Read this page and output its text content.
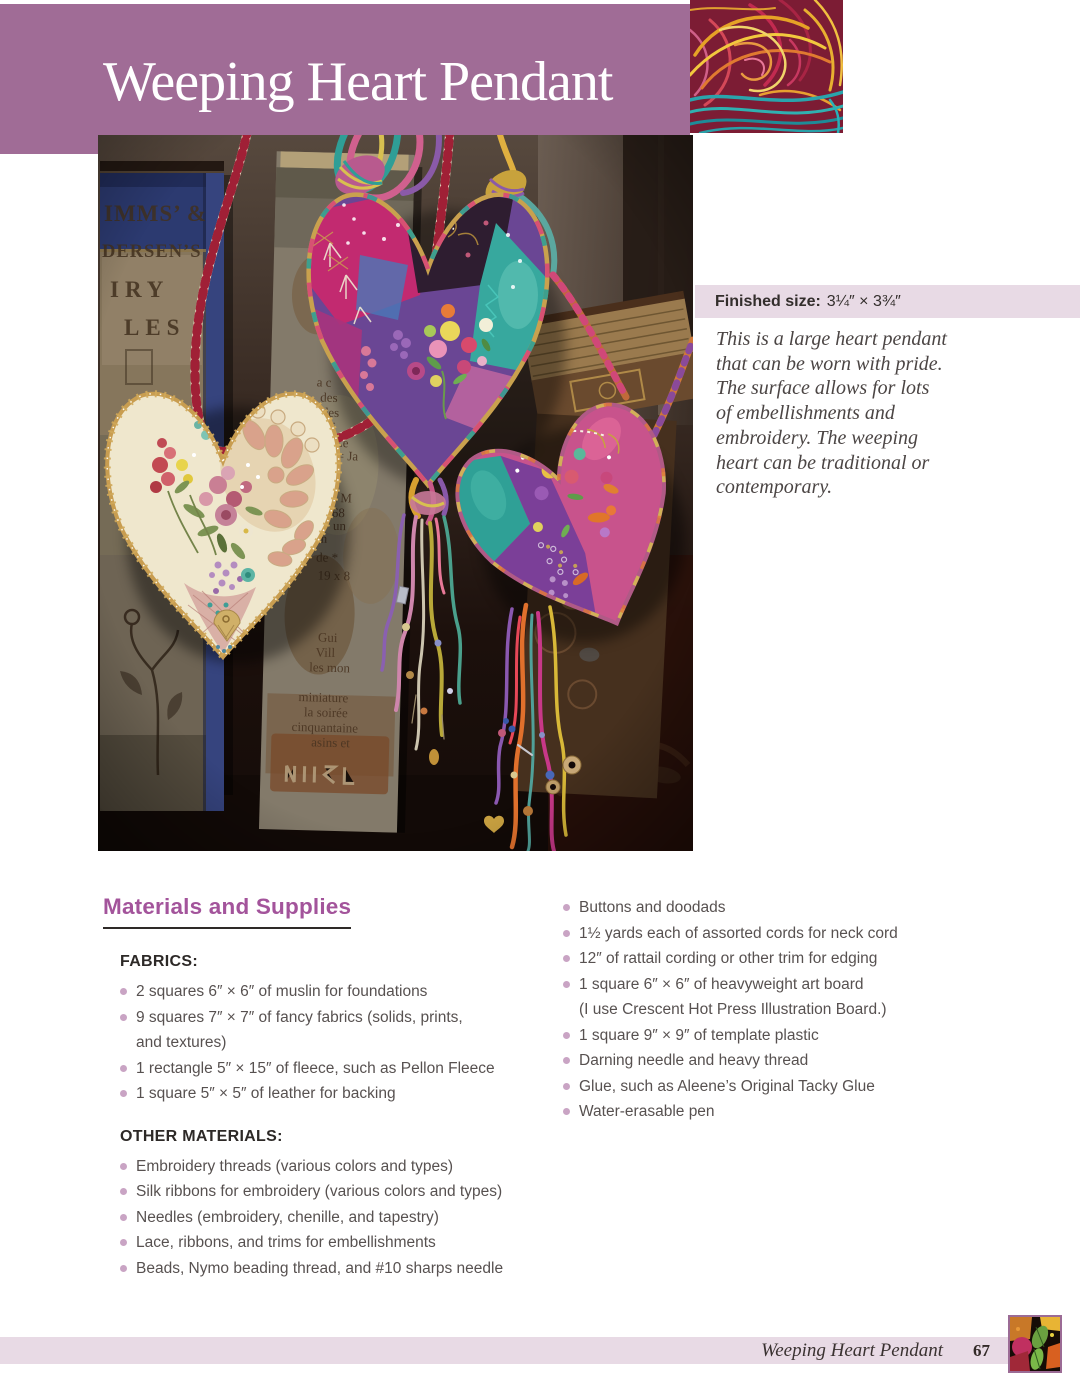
Weeping Heart Pendant
Finished size: 3¼″ × 3¾″
This is a large heart pendant
that can be worn with pride.
The surface allows for lots
of embellishments and
embroidery. The weeping
heart can be traditional or
contemporary.
Materials and Supplies
FABRICS:
2 squares 6″ × 6″ of muslin for foundations
9 squares 7″ × 7″ of fancy fabrics (solids, prints,
and textures)
1 rectangle 5″ × 15″ of fleece, such as Pellon Fleece
1 square 5″ × 5″ of leather for backing
OTHER MATERIALS:
Embroidery threads (various colors and types)
Silk ribbons for embroidery (various colors and types)
Needles (embroidery, chenille, and tapestry)
Lace, ribbons, and trims for embellishments
Beads, Nymo beading thread, and #10 sharps needle
Buttons and doodads
1½ yards each of assorted cords for neck cord
12″ of rattail cording or other trim for edging
1 square 6″ × 6″ of heavyweight art board
(I use Crescent Hot Press Illustration Board.)
1 square 9″ × 9″ of template plastic
Darning needle and heavy thread
Glue, such as Aleene’s Original Tacky Glue
Water-erasable pen
Weeping Heart Pendant 67
